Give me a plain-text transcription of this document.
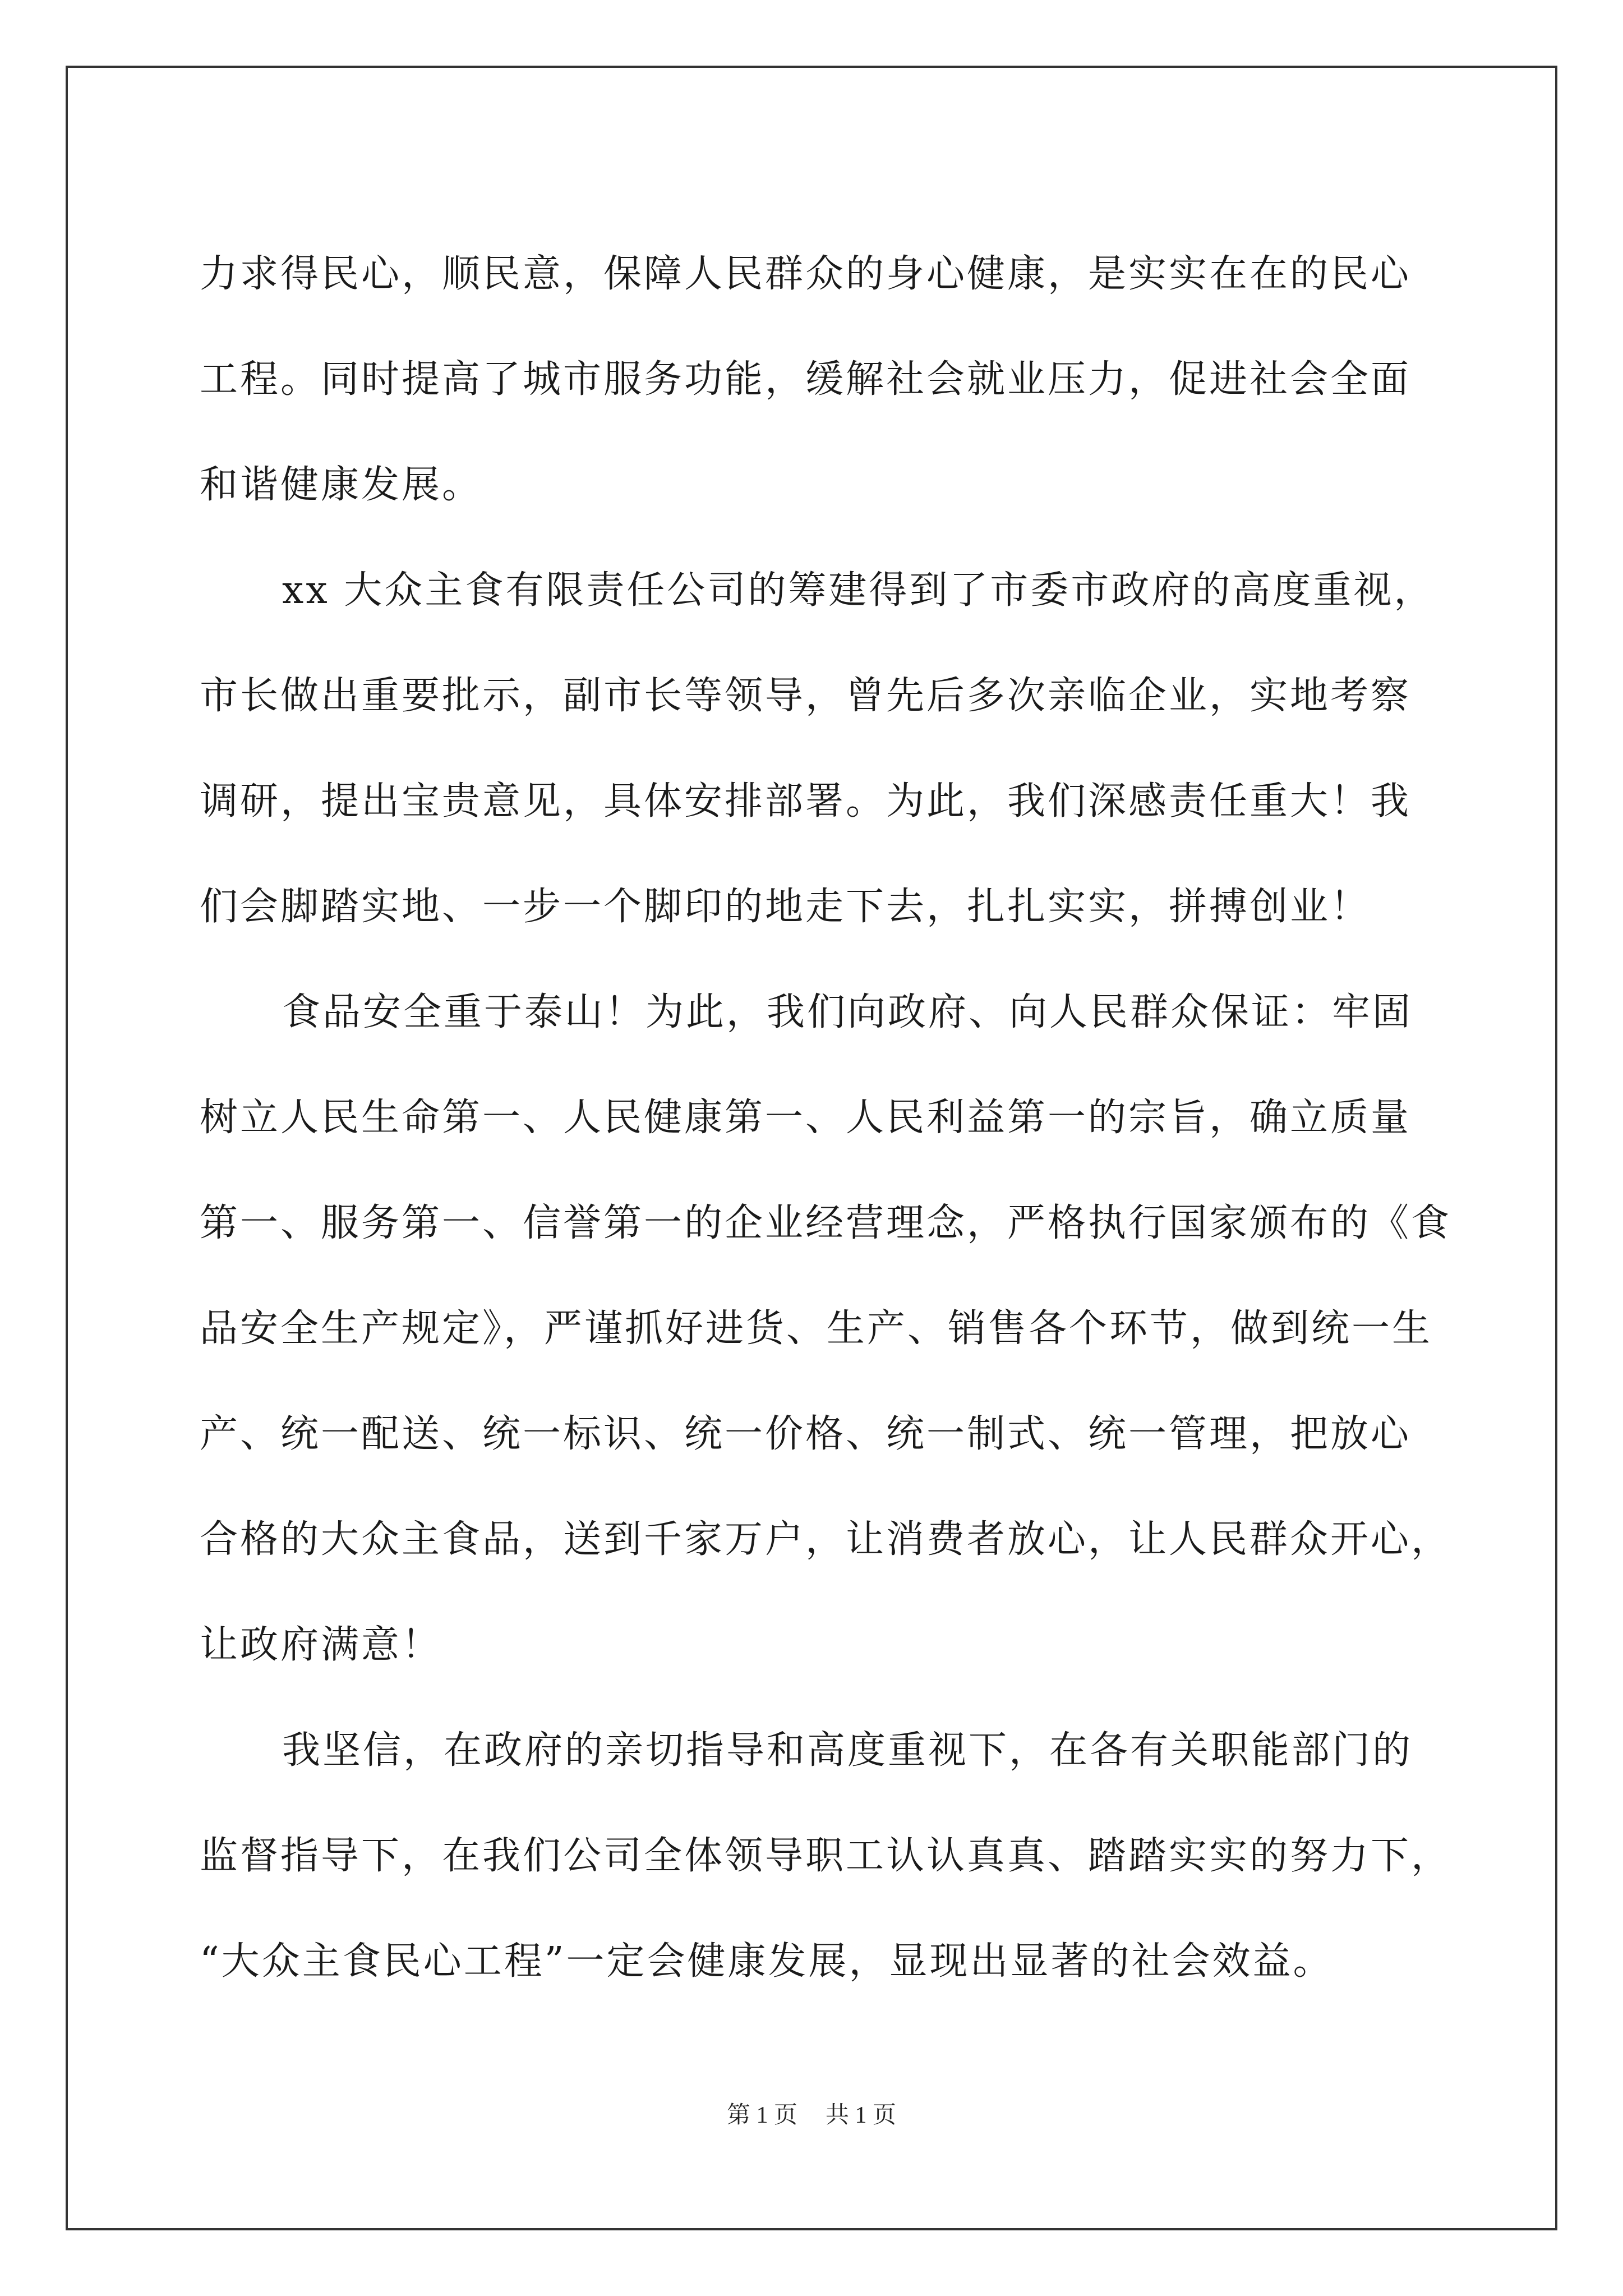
力求得民心，顺民意，保障人民群众的身心健康，是实实在在的民心
工程。同时提高了城市服务功能，缓解社会就业压力，促进社会全面
和谐健康发展。
xx 大众主食有限责任公司的筹建得到了市委市政府的高度重视，
市长做出重要批示，副市长等领导，曾先后多次亲临企业，实地考察
调研，提出宝贵意见，具体安排部署。为此，我们深感责任重大！我
们会脚踏实地、一步一个脚印的地走下去，扎扎实实，拼搏创业！
食品安全重于泰山！为此，我们向政府、向人民群众保证：牢固
树立人民生命第一、人民健康第一、人民利益第一的宗旨，确立质量
第一、服务第一、信誉第一的企业经营理念，严格执行国家颁布的《食
品安全生产规定》，严谨抓好进货、生产、销售各个环节，做到统一生
产、统一配送、统一标识、统一价格、统一制式、统一管理，把放心
合格的大众主食品，送到千家万户，让消费者放心，让人民群众开心，
让政府满意！
我坚信，在政府的亲切指导和高度重视下，在各有关职能部门的
监督指导下，在我们公司全体领导职工认认真真、踏踏实实的努力下，
“大众主食民心工程”一定会健康发展，显现出显著的社会效益。
第 1 页 共 1 页
